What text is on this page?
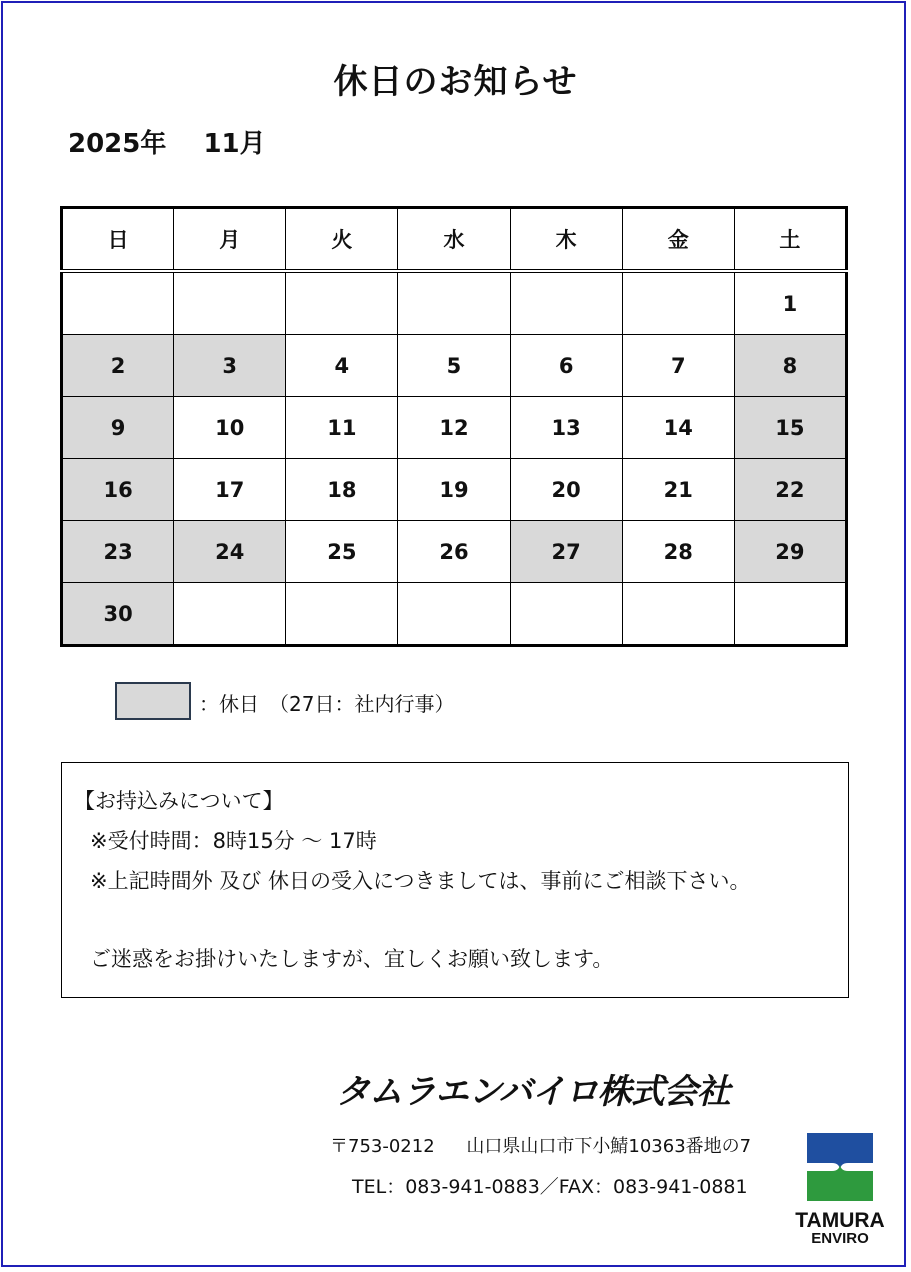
休日のお知らせ
2025年 11月
日	月	火	水	木	金	土
						1
2	3	4	5	6	7	8
9	10	11	12	13	14	15
16	17	18	19	20	21	22
23	24	25	26	27	28	29
30						
：休日　（27日：社内行事）
【お持込みについて】
※受付時間：8時15分 ～ 17時
※上記時間外 及び 休日の受入につきましては、事前にご相談下さい。
ご迷惑をお掛けいたしますが、宜しくお願い致します。
タムラエンバイロ株式会社
〒753-0212 山口県山口市下小鯖10363番地の7
TEL：083-941-0883／FAX：083-941-0881
TAMURA
ENVIRO
